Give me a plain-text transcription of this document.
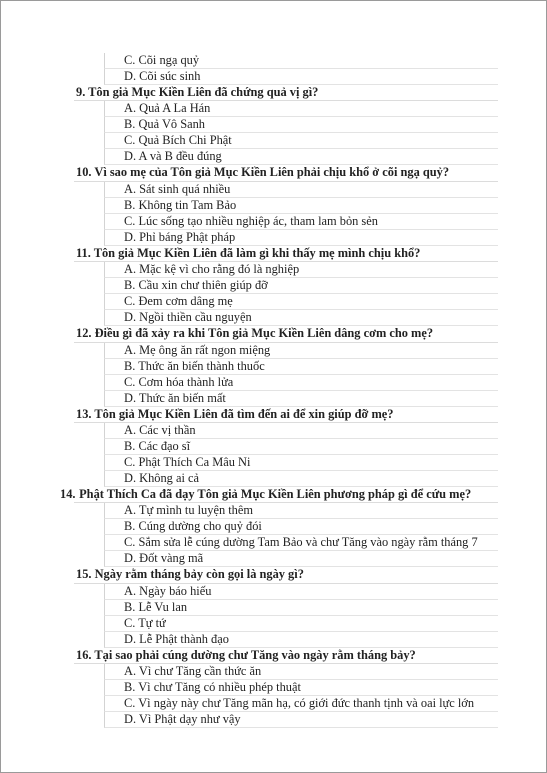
C. Cõi ngạ quỷ
D. Cõi súc sinh
9. Tôn giả Mục Kiền Liên đã chứng quả vị gì?
A. Quả A La Hán
B. Quả Vô Sanh
C. Quả Bích Chi Phật
D. A và B đều đúng
10. Vì sao mẹ của Tôn giả Mục Kiền Liên phải chịu khổ ở cõi ngạ quỷ?
A. Sát sinh quá nhiều
B. Không tin Tam Bảo
C. Lúc sống tạo nhiều nghiệp ác, tham lam bỏn sẻn
D. Phỉ báng Phật pháp
11. Tôn giả Mục Kiền Liên đã làm gì khi thấy mẹ mình chịu khổ?
A. Mặc kệ vì cho rằng đó là nghiệp
B. Cầu xin chư thiên giúp đỡ
C. Đem cơm dâng mẹ
D. Ngồi thiền cầu nguyện
12. Điều gì đã xảy ra khi Tôn giả Mục Kiền Liên dâng cơm cho mẹ?
A. Mẹ ông ăn rất ngon miệng
B. Thức ăn biến thành thuốc
C. Cơm hóa thành lửa
D. Thức ăn biến mất
13. Tôn giả Mục Kiền Liên đã tìm đến ai để xin giúp đỡ mẹ?
A. Các vị thần
B. Các đạo sĩ
C. Phật Thích Ca Mâu Ni
D. Không ai cả
14. Phật Thích Ca đã dạy Tôn giả Mục Kiền Liên phương pháp gì để cứu mẹ?
A. Tự mình tu luyện thêm
B. Cúng dường cho quỷ đói
C. Sắm sửa lễ cúng dường Tam Bảo và chư Tăng vào ngày rằm tháng 7
D. Đốt vàng mã
15. Ngày rằm tháng bảy còn gọi là ngày gì?
A. Ngày báo hiếu
B. Lễ Vu lan
C. Tự tứ
D. Lễ Phật thành đạo
16. Tại sao phải cúng dường chư Tăng vào ngày rằm tháng bảy?
A. Vì chư Tăng cần thức ăn
B. Vì chư Tăng có nhiều phép thuật
C. Vì ngày này chư Tăng mãn hạ, có giới đức thanh tịnh và oai lực lớn
D. Vì Phật dạy như vậy
